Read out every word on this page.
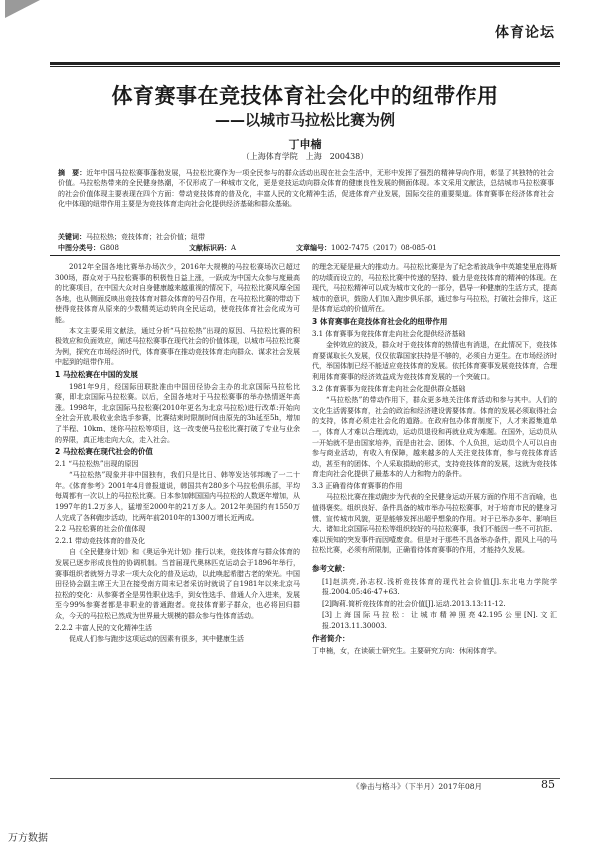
体育论坛
体育赛事在竞技体育社会化中的纽带作用
——以城市马拉松比赛为例
丁申楠
（上海体育学院　上海　200438）
摘　要：近年中国马拉松赛事蓬勃发展，马拉松比赛作为一项全民参与的群众活动出现在社会生活中，无形中发挥了强烈的精神导向作用，彰显了其独特的社会价值。马拉松热带来的全民健身热潮，不仅形成了一种城市文化，更是竞技运动向群众体育的健康良性发展的侧面体现。本文采用文献法，总结城市马拉松赛事的社会价值体现主要表现在四个方面：带动竞技体育的普及化，丰富人民的文化精神生活，促进体育产业发展，国际交往的重要渠道。体育赛事在经济体育社会化中体现的纽带作用主要是为竞技体育走向社会化提供经济基础和群众基础。
关键词： 马拉松热；竞技体育；社会价值；纽带
中图分类号：G808	文献标识码：A	文章编号：1002-7475（2017）08-085-01

2012年全国各地比赛举办场次少，2016年大规模的马拉松赛场次已超过300场，群众对于马拉松赛事的积极性日益上涨，一跃成为中国大众参与度最高的比赛项目，在中国大众对自身健康越来越重视的情况下，马拉松比赛风靡全国各地，也从侧面反映出竞技体育对群众体育的号召作用，在马拉松比赛的带动下使得竞技体育从原来的少数精英运动转向全民运动，使竞技体育社会化成为可能。

本文主要采用文献法，通过分析“马拉松热”出现的原因、马拉松比赛的积极效应和负面效应，阐述马拉松赛事在现代社会的价值体现，以城市马拉松比赛为例，探究在市场经济时代，体育赛事在推动竞技体育走向群众、谋求社会发展中起到的纽带作用。

1 马拉松赛在中国的发展

1981年9月，经国际田联批准由中国田径协会主办的北京国际马拉松比赛，即北京国际马拉松赛。以后，全国各地对于马拉松赛事的举办热情逐年高涨。1998年，北京国际马拉松赛(2010年更名为北京马拉松)进行改革:开始向全社会开放,吸收业余选手参赛，比赛结束时限制时间由原先的3h延至5h，增加了半程、10km、迷你马拉松等项目，这一改变使马拉松比赛打破了专业与业余的界限，真正地走向大众，走入社会。

2 马拉松赛在现代社会的价值

2.1 “马拉松热”出现的原因

“马拉松热”现象并非中国独有，我们只是比日、韩等发达邻邦晚了一二十年。《体育参考》2001年4月曾报道说，韩国共有280多个马拉松俱乐部，平均每周都有一次以上的马拉松比赛。日本参加韩国国内马拉松的人数逐年增加，从1997年的1.2万多人，猛增至2000年的21万多人。2012年美国约有1550万人完成了各种跑步活动，比两年前2010年的1300万增长近两成。

2.2 马拉松赛的社会价值体现

2.2.1 带动竞技体育的普及化

自《全民健身计划》和《奥运争光计划》推行以来，竞技体育与群众体育的发展已逐步形成良性的协调机制。当首届现代奥林匹克运动会于1896年举行，赛事组织者就努力寻求一项大众化的普及运动，以此唤起希腊古老的荣光。中国田径协会副主席王大卫在接受南方周末记者采访时就说了自1981年以来北京马拉松的变化：从参赛者全是男性职业选手，到女性选手、普通人介入进来，发展至今99%参赛者都是非职业的普通跑者。竞技体育影子群众，也必将回归群众，今天的马拉松已然成为世界最大规模的群众参与性体育活动。

2.2.2 丰富人民的文化精神生活

促成人们参与跑步这项运动的因素有很多，其中健康生活

的理念无疑是最大的推动力。马拉松比赛是为了纪念希波战争中英雄斐里庇得斯的功绩而设立的，马拉松比赛中传递的坚持、毅力是竞技体育的精神的体现。在现代，马拉松精神可以成为城市文化的一部分，倡导一种健康的生活方式，提高城市的意识，鼓励人们加入跑步俱乐部，通过参与马拉松，打破社会排斥，这正是体育运动的价值所在。

3 体育赛事在竞技体育社会化的纽带作用

3.1 体育赛事为竞技体育走向社会化提供经济基础

金钟效应的波及，群众对于竞技体育的热情也有消退，在此情况下，竞技体育要谋取长久发展，仅仅依靠国家扶持是不够的，必须自力更生。在市场经济时代，举国体制已经不能适应竞技体育的发展。依托体育赛事发展竞技体育，合理利用体育赛事的经济效益成为竞技体育发展的一个突破口。

3.2 体育赛事为竞技体育走向社会化提供群众基础

“马拉松热”的带动作用下，群众更多地关注体育活动和参与其中。人们的文化生活需要体育，社会的政治和经济建设需要体育。体育的发展必须取得社会的支持，体育必须走社会化的道路。在政府包办体育制度下，人才来源集道单一，体育人才难以合理流动，运动员退役和再就业成为难题。在国外，运动员从一开始就不是由国家培养，而是由社会、团体、个人负担，运动员个人可以自由参与商业活动，有收入有保障，越来越多的人关注竞技体育，参与竞技体育活动，甚至有的团体、个人采取捐助的形式，支持竞技体育的发展，这就为竞技体育走向社会化提供了最基本的人力和物力的条件。

3.3 正确看待体育赛事的作用

马拉松比赛在推动跑步为代表的全民健身运动开展方面的作用不言而喻，也值得褒奖。组织良好、条件具备的城市举办马拉松赛事，对于培育市民的健身习惯、宣传城市风貌，更是能够发挥出超乎想象的作用。对于已举办多年、影响巨大、诸如北京国际马拉松等组织较好的马拉松赛事，我们不能因一些不可抗拒、难以预知的突发事件而因噎废食。但是对于那些不具备举办条件，跟风上马的马拉松比赛，必须有所限制，正确看待体育赛事的作用，才能持久发展。

参考文献：

[1]赵洪亮,孙志权.浅析竞技体育的现代社会价值[J].东北电力学院学报.2004.05:46-47+63.

[2]陶莉.简析竞技体育的社会价值[J].运动.2013.13:11-12.

[3]上海国际马拉松：让城市精神照亮42.195公里[N].文汇报.2013.11.30003.

作者简介：

丁申楠，女，在读硕士研究生。主要研究方向：休闲体育学。

《拳击与格斗》（下半月）2017年08月	85
万方数据
